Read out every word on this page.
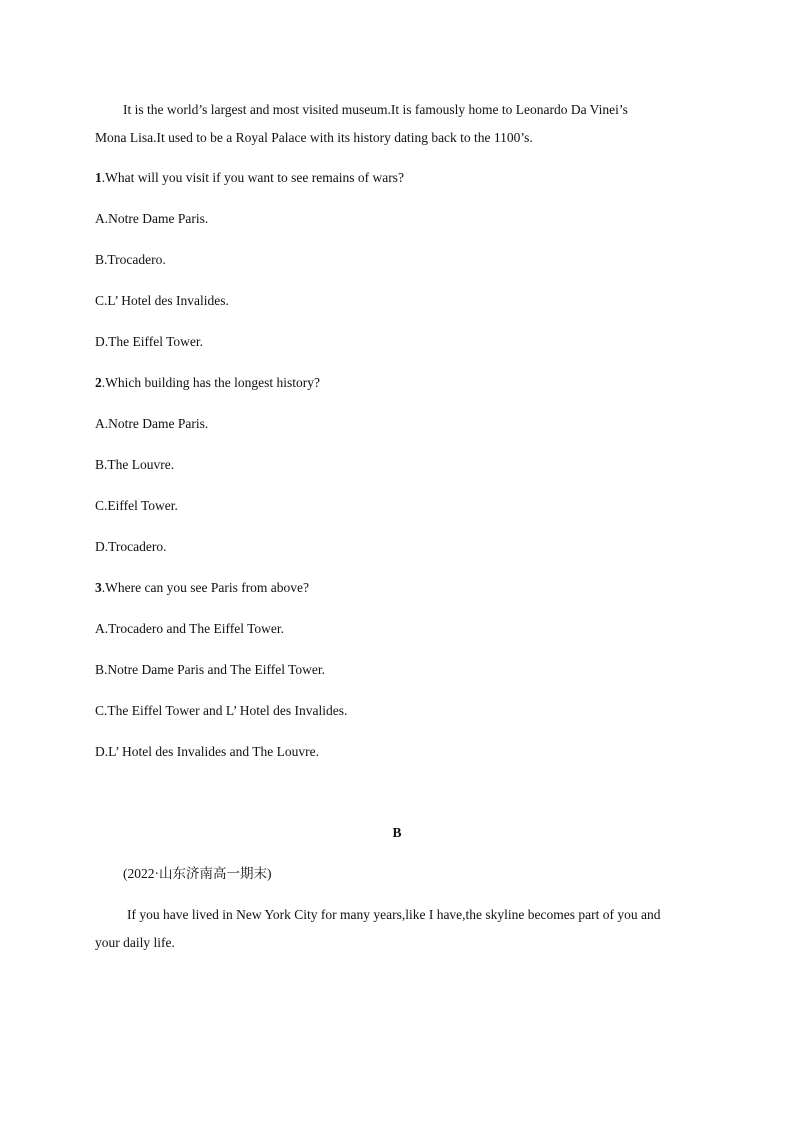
It is the world’s largest and most visited museum.It is famously home to Leonardo Da Vinei’s
Mona Lisa.It used to be a Royal Palace with its history dating back to the 1100’s.
1.What will you visit if you want to see remains of wars?
A.Notre Dame Paris.
B.Trocadero.
C.L’ Hotel des Invalides.
D.The Eiffel Tower.
2.Which building has the longest history?
A.Notre Dame Paris.
B.The Louvre.
C.Eiffel Tower.
D.Trocadero.
3.Where can you see Paris from above?
A.Trocadero and The Eiffel Tower.
B.Notre Dame Paris and The Eiffel Tower.
C.The Eiffel Tower and L’ Hotel des Invalides.
D.L’ Hotel des Invalides and The Louvre.
B
(2022·山东济南高一期末)
If you have lived in New York City for many years,like I have,the skyline becomes part of you and
your daily life.
